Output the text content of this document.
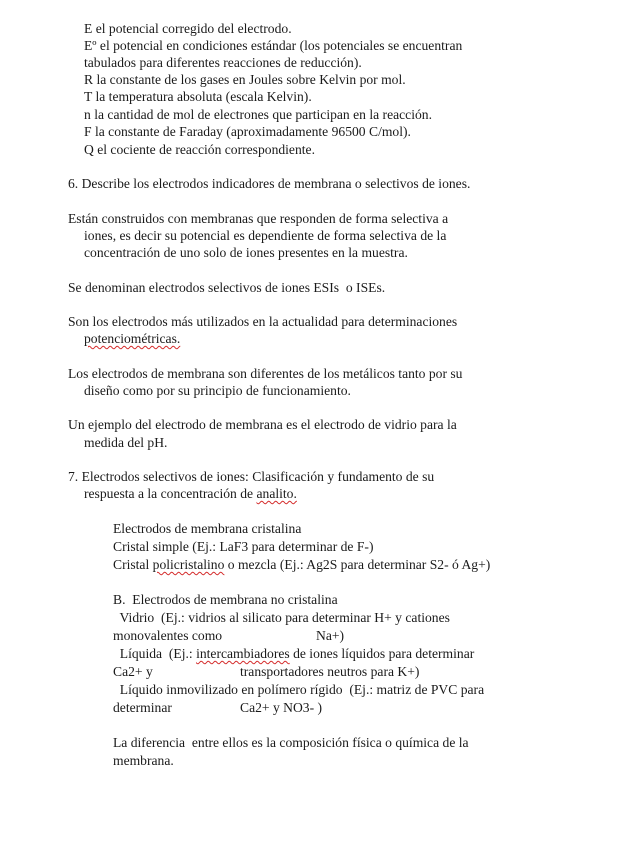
E el potencial corregido del electrodo.
Eº el potencial en condiciones estándar (los potenciales se encuentran
tabulados para diferentes reacciones de reducción).
R la constante de los gases en Joules sobre Kelvin por mol.
T la temperatura absoluta (escala Kelvin).
n la cantidad de mol de electrones que participan en la reacción.
F la constante de Faraday (aproximadamente 96500 C/mol).
Q el cociente de reacción correspondiente.
6. Describe los electrodos indicadores de membrana o selectivos de iones.
Están construidos con membranas que responden de forma selectiva a
iones, es decir su potencial es dependiente de forma selectiva de la
concentración de uno solo de iones presentes en la muestra.
Se denominan electrodos selectivos de iones ESIs  o ISEs.
Son los electrodos más utilizados en la actualidad para determinaciones
potenciométricas.
Los electrodos de membrana son diferentes de los metálicos tanto por su
diseño como por su principio de funcionamiento.
Un ejemplo del electrodo de membrana es el electrodo de vidrio para la
medida del pH.
7. Electrodos selectivos de iones: Clasificación y fundamento de su
respuesta a la concentración de analito.
Electrodos de membrana cristalina
Cristal simple (Ej.: LaF3 para determinar de F-)
Cristal policristalino o mezcla (Ej.: Ag2S para determinar S2- ó Ag+)
B.  Electrodos de membrana no cristalina
Vidrio  (Ej.: vidrios al silicato para determinar H+ y cationes
monovalentes como	Na+)
Líquida  (Ej.: intercambiadores de iones líquidos para determinar
Ca2+ y	transportadores neutros para K+)
Líquido inmovilizado en polímero rígido  (Ej.: matriz de PVC para
determinar	Ca2+ y NO3- )
La diferencia  entre ellos es la composición física o química de la
membrana.
